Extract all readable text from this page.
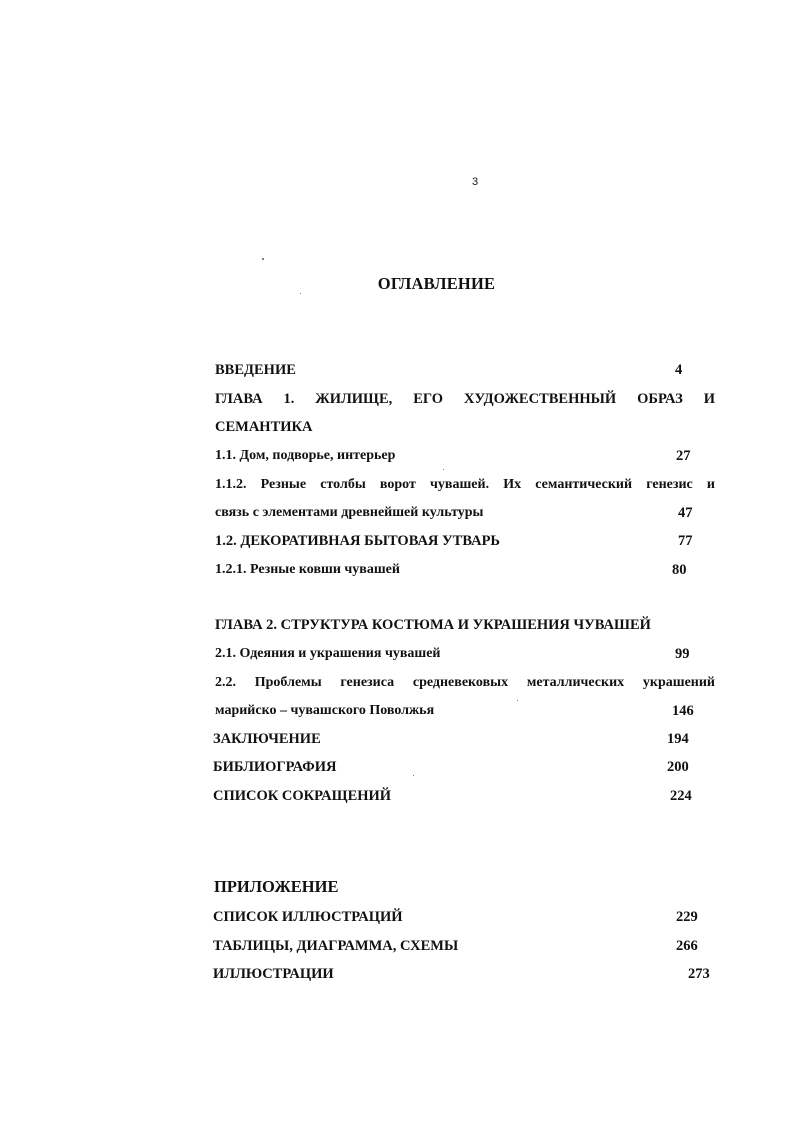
3
ОГЛАВЛЕНИЕ
ВВЕДЕНИЕ	4
ГЛАВА 1. ЖИЛИЩЕ, ЕГО ХУДОЖЕСТВЕННЫЙ ОБРАЗ И
СЕМАНТИКА
1.1. Дом, подворье, интерьер	27
1.1.2. Резные столбы ворот чувашей. Их семантический генезис и
связь с элементами древнейшей культуры	47
1.2. ДЕКОРАТИВНАЯ БЫТОВАЯ УТВАРЬ	77
1.2.1. Резные ковши чувашей	80
ГЛАВА 2. СТРУКТУРА КОСТЮМА И УКРАШЕНИЯ ЧУВАШЕЙ
2.1. Одеяния и украшения чувашей	99
2.2. Проблемы генезиса средневековых металлических украшений
марийско – чувашского Поволжья	146
ЗАКЛЮЧЕНИЕ	194
БИБЛИОГРАФИЯ	200
СПИСОК СОКРАЩЕНИЙ	224
ПРИЛОЖЕНИЕ
СПИСОК ИЛЛЮСТРАЦИЙ	229
ТАБЛИЦЫ, ДИАГРАММА, СХЕМЫ	266
ИЛЛЮСТРАЦИИ	273
